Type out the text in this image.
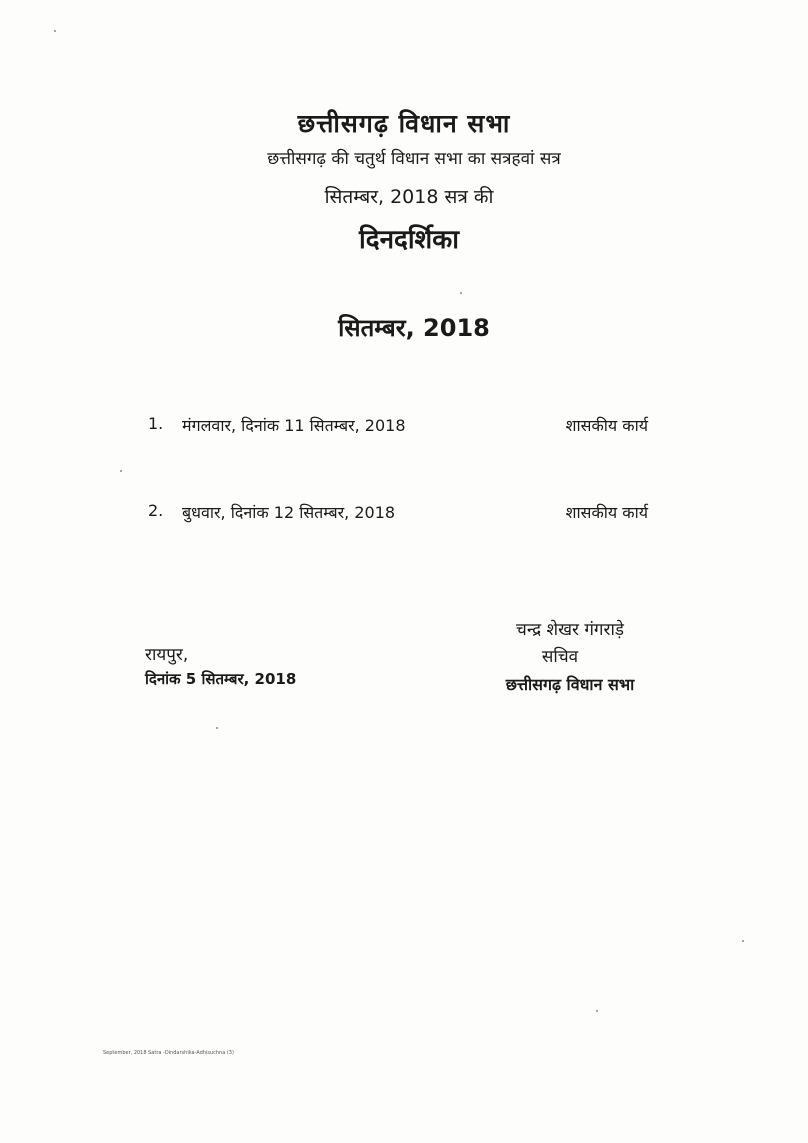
छत्तीसगढ़ विधान सभा
छत्तीसगढ़ की चतुर्थ विधान सभा का सत्रहवां सत्र
सितम्बर, 2018 सत्र की
दिनदर्शिका
सितम्बर, 2018
1. मंगलवार, दिनांक 11 सितम्बर, 2018	शासकीय कार्य
2. बुधवार, दिनांक 12 सितम्बर, 2018	शासकीय कार्य
रायपुर,
दिनांक 5 सितम्बर, 2018
चन्द्र शेखर गंगराड़े
सचिव
छत्तीसगढ़ विधान सभा
September, 2018 Satra -Dindarshika-Adhisuchna (3)
